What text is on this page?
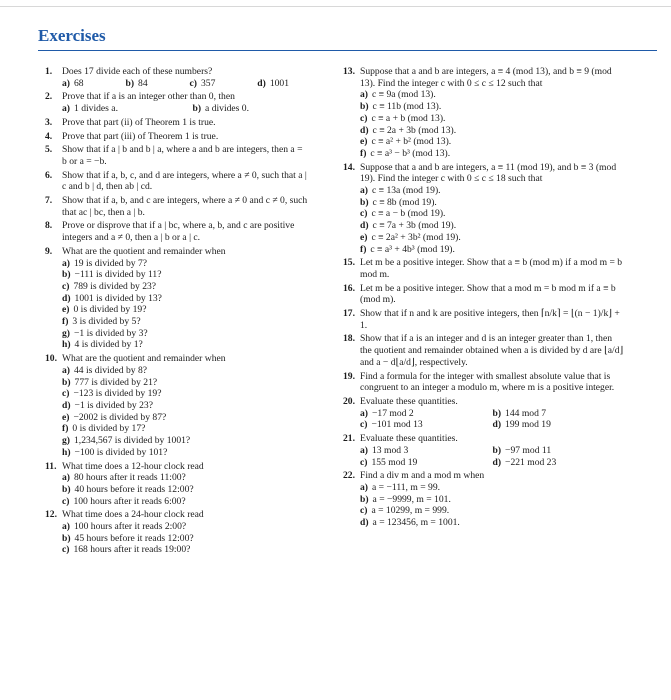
Exercises
1.	Does 17 divide each of these numbers?
a) 68	b) 84	c) 357	d) 1001
2.	Prove that if a is an integer other than 0, then
a) 1 divides a.	b) a divides 0.
3.	Prove that part (ii) of Theorem 1 is true.
4.	Prove that part (iii) of Theorem 1 is true.
5.	Show that if a | b and b | a, where a and b are integers, then a = b or a = −b.
6.	Show that if a, b, c, and d are integers, where a ≠ 0, such that a | c and b | d, then ab | cd.
7.	Show that if a, b, and c are integers, where a ≠ 0 and c ≠ 0, such that ac | bc, then a | b.
8.	Prove or disprove that if a | bc, where a, b, and c are positive integers and a ≠ 0, then a | b or a | c.
9.	What are the quotient and remainder when
a) 19 is divided by 7?
b) −111 is divided by 11?
c) 789 is divided by 23?
d) 1001 is divided by 13?
e) 0 is divided by 19?
f) 3 is divided by 5?
g) −1 is divided by 3?
h) 4 is divided by 1?
10. What are the quotient and remainder when
a) 44 is divided by 8?
b) 777 is divided by 21?
c) −123 is divided by 19?
d) −1 is divided by 23?
e) −2002 is divided by 87?
f) 0 is divided by 17?
g) 1,234,567 is divided by 1001?
h) −100 is divided by 101?
11. What time does a 12-hour clock read
a) 80 hours after it reads 11:00?
b) 40 hours before it reads 12:00?
c) 100 hours after it reads 6:00?
12. What time does a 24-hour clock read
a) 100 hours after it reads 2:00?
b) 45 hours before it reads 12:00?
c) 168 hours after it reads 19:00?
13. Suppose that a and b are integers, a ≡ 4 (mod 13), and b ≡ 9 (mod 13). Find the integer c with 0 ≤ c ≤ 12 such that
a) c ≡ 9a (mod 13).
b) c ≡ 11b (mod 13).
c) c ≡ a + b (mod 13).
d) c ≡ 2a + 3b (mod 13).
e) c ≡ a² + b² (mod 13).
f) c ≡ a³ − b³ (mod 13).
14. Suppose that a and b are integers, a ≡ 11 (mod 19), and b ≡ 3 (mod 19). Find the integer c with 0 ≤ c ≤ 18 such that
a) c ≡ 13a (mod 19).
b) c ≡ 8b (mod 19).
c) c ≡ a − b (mod 19).
d) c ≡ 7a + 3b (mod 19).
e) c ≡ 2a² + 3b² (mod 19).
f) c ≡ a³ + 4b³ (mod 19).
15. Let m be a positive integer. Show that a ≡ b (mod m) if a mod m = b mod m.
16. Let m be a positive integer. Show that a mod m = b mod m if a ≡ b (mod m).
17. Show that if n and k are positive integers, then ⌈n/k⌉ = ⌊(n − 1)/k⌋ + 1.
18. Show that if a is an integer and d is an integer greater than 1, then the quotient and remainder obtained when a is divided by d are ⌊a/d⌋ and a − d⌊a/d⌋, respectively.
19. Find a formula for the integer with smallest absolute value that is congruent to an integer a modulo m, where m is a positive integer.
20. Evaluate these quantities.
a) −17 mod 2	b) 144 mod 7
c) −101 mod 13	d) 199 mod 19
21. Evaluate these quantities.
a) 13 mod 3	b) −97 mod 11
c) 155 mod 19	d) −221 mod 23
22. Find a div m and a mod m when
a) a = −111, m = 99.
b) a = −9999, m = 101.
c) a = 10299, m = 999.
d) a = 123456, m = 1001.
